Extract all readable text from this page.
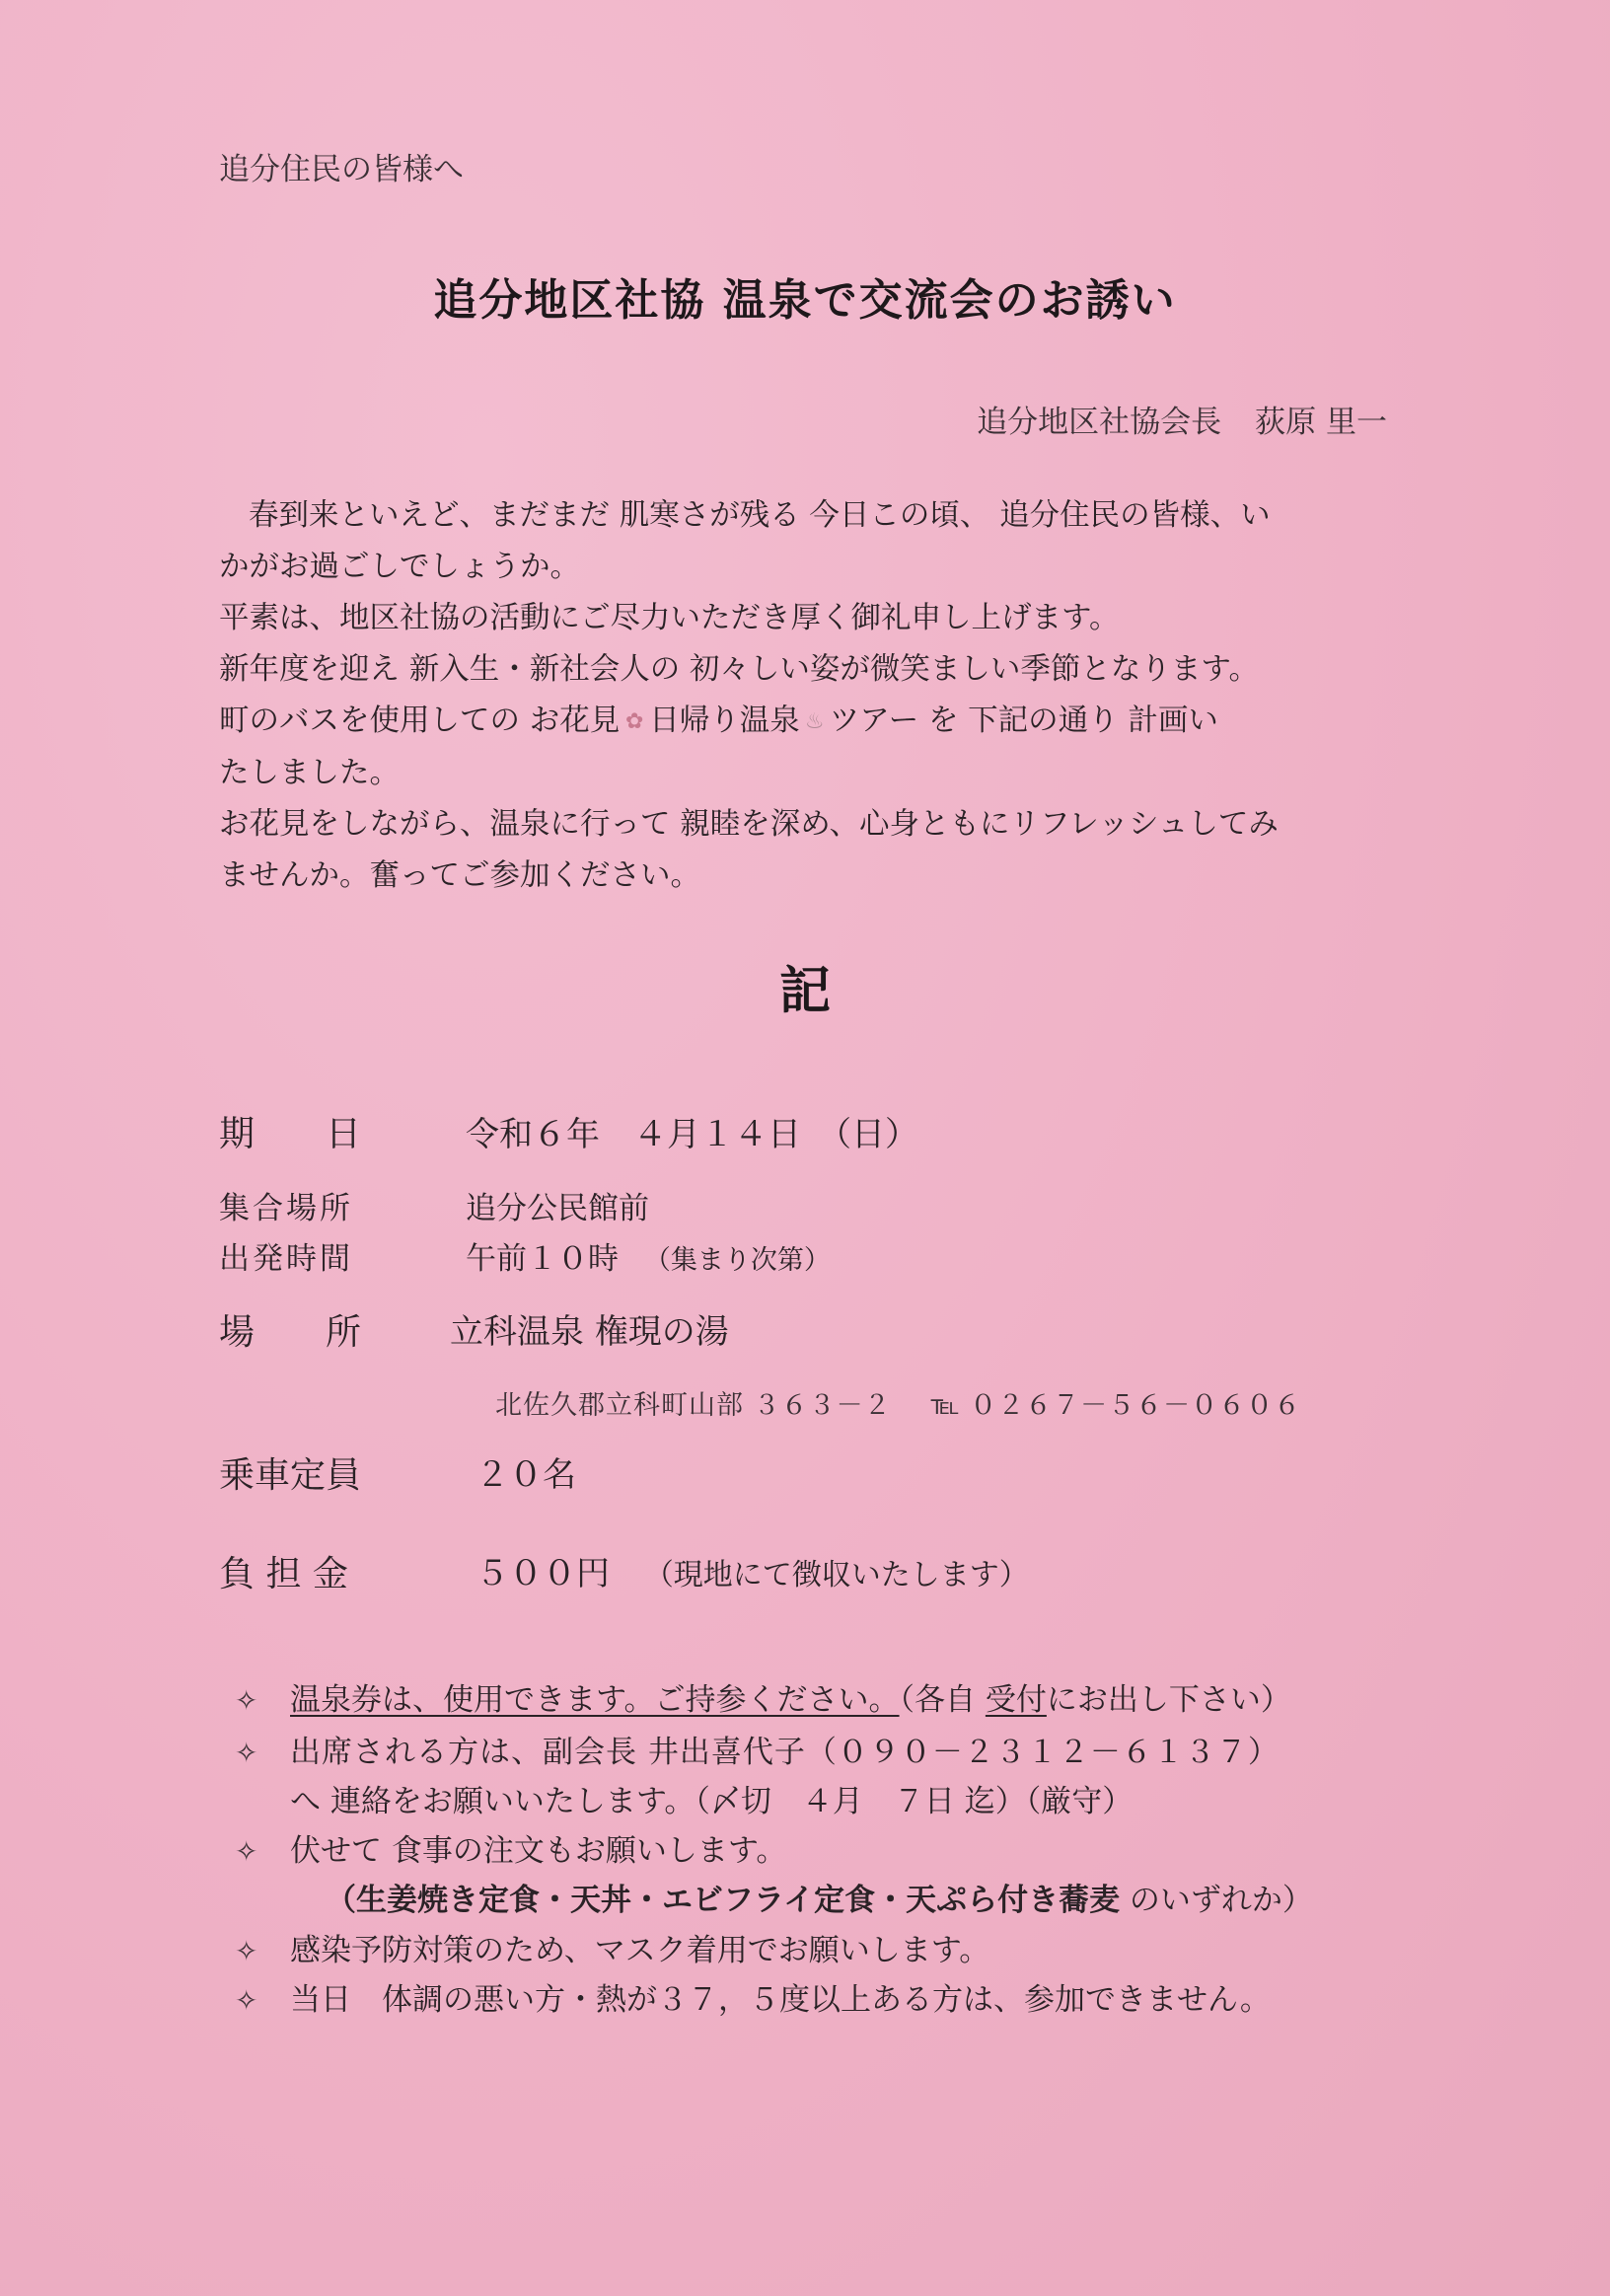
追分住民の皆様へ
追分地区社協 温泉で交流会のお誘い
追分地区社協会長 荻原 里一
春到来といえど、まだまだ 肌寒さが残る 今日この頃、 追分住民の皆様、い
かがお過ごしでしょうか。
平素は、地区社協の活動にご尽力いただき厚く御礼申し上げます。
新年度を迎え 新入生・新社会人の 初々しい姿が微笑ましい季節となります。
町のバスを使用しての お花見 ✿ 日帰り温泉 ♨ ツアー を 下記の通り 計画い
たしました。
お花見をしながら、温泉に行って 親睦を深め、心身ともにリフレッシュしてみ
ませんか。奮ってご参加ください。
記
期　　日	令和６年　４月１４日　（日）
集合場所	追分公民館前
出発時間	午前１０時 （集まり次第）
場　　所	立科温泉 権現の湯
北佐久郡立科町山部 ３６３－２ ℡ ０２６７－５６－０６０６
乗車定員	２０名
負 担 金	５００円 （現地にて徴収いたします）
✧ 温泉券は、使用できます。ご持参ください。（各自 受付にお出し下さい）
✧ 出席される方は、副会長 井出喜代子（０９０－２３１２－６１３７）
へ 連絡をお願いいたします。（〆切　４月　７日 迄）（厳守）
✧ 伏せて 食事の注文もお願いします。
（生姜焼き定食・天丼・エビフライ定食・天ぷら付き蕎麦 のいずれか）
✧ 感染予防対策のため、マスク着用でお願いします。
✧ 当日　体調の悪い方・熱が３７，５度以上ある方は、参加できません。
